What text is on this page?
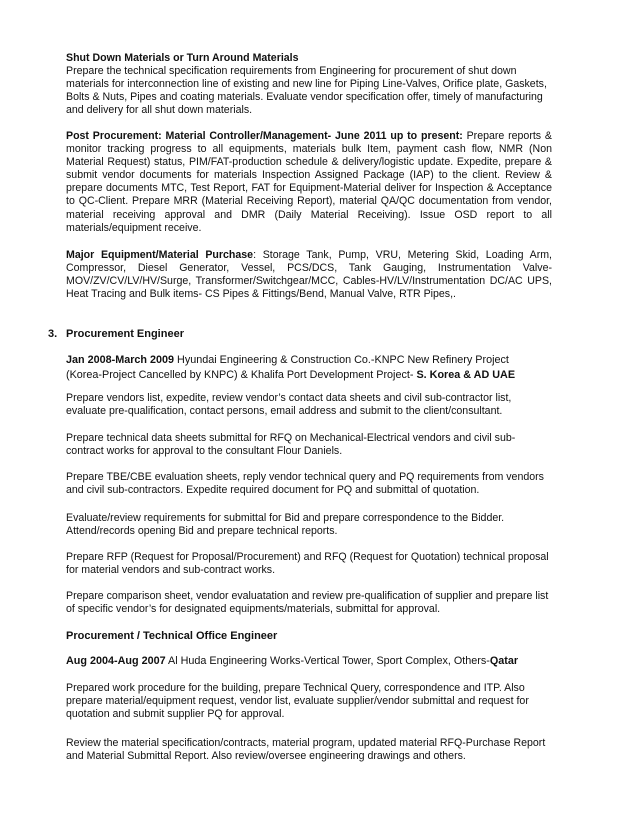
Shut Down Materials or Turn Around Materials

Prepare the technical specification requirements from Engineering for procurement of shut down materials for interconnection line of existing and new line for Piping Line-Valves, Orifice plate, Gaskets, Bolts & Nuts, Pipes and coating materials. Evaluate vendor specification offer, timely of manufacturing and delivery for all shut down materials.

Post Procurement: Material Controller/Management- June 2011 up to present: Prepare reports & monitor tracking progress to all equipments, materials bulk Item, payment cash flow, NMR (Non Material Request) status, PIM/FAT-production schedule & delivery/logistic update. Expedite, prepare & submit vendor documents for materials Inspection Assigned Package (IAP) to the client. Review & prepare documents MTC, Test Report, FAT for Equipment-Material deliver for Inspection & Acceptance to QC-Client. Prepare MRR (Material Receiving Report), material QA/QC documentation from vendor, material receiving approval and DMR (Daily Material Receiving). Issue OSD report to all materials/equipment receive.

Major Equipment/Material Purchase: Storage Tank, Pump, VRU, Metering Skid, Loading Arm, Compressor, Diesel Generator, Vessel, PCS/DCS, Tank Gauging, Instrumentation Valve-MOV/ZV/CV/LV/HV/Surge, Transformer/Switchgear/MCC, Cables-HV/LV/Instrumentation DC/AC UPS, Heat Tracing and Bulk items- CS Pipes & Fittings/Bend, Manual Valve, RTR Pipes,.

3. Procurement Engineer

Jan 2008-March 2009 Hyundai Engineering & Construction Co.-KNPC New Refinery Project

(Korea-Project Cancelled by KNPC) & Khalifa Port Development Project- S. Korea & AD UAE

Prepare vendors list, expedite, review vendor’s contact data sheets and civil sub-contractor list, evaluate pre-qualification, contact persons, email address and submit to the client/consultant.
Prepare technical data sheets submittal for RFQ on Mechanical-Electrical vendors and civil sub-contract works for approval to the consultant Flour Daniels.
Prepare TBE/CBE evaluation sheets, reply vendor technical query and PQ requirements from vendors and civil sub-contractors. Expedite required document for PQ and submittal of quotation.
Evaluate/review requirements for submittal for Bid and prepare correspondence to the Bidder. Attend/records opening Bid and prepare technical reports.
Prepare RFP (Request for Proposal/Procurement) and RFQ (Request for Quotation) technical proposal for material vendors and sub-contract works.
Prepare comparison sheet, vendor evaluatation and review pre-qualification of supplier and prepare list of specific vendor’s for designated equipments/materials, submittal for approval.
Procurement / Technical Office Engineer

Aug 2004-Aug 2007 Al Huda Engineering Works-Vertical Tower, Sport Complex, Others-Qatar

Prepared work procedure for the building, prepare Technical Query, correspondence and ITP. Also prepare material/equipment request, vendor list, evaluate supplier/vendor submittal and request for quotation and submit supplier PQ for approval.
Review the material specification/contracts, material program, updated material RFQ-Purchase Report and Material Submittal Report. Also review/oversee engineering drawings and others.
